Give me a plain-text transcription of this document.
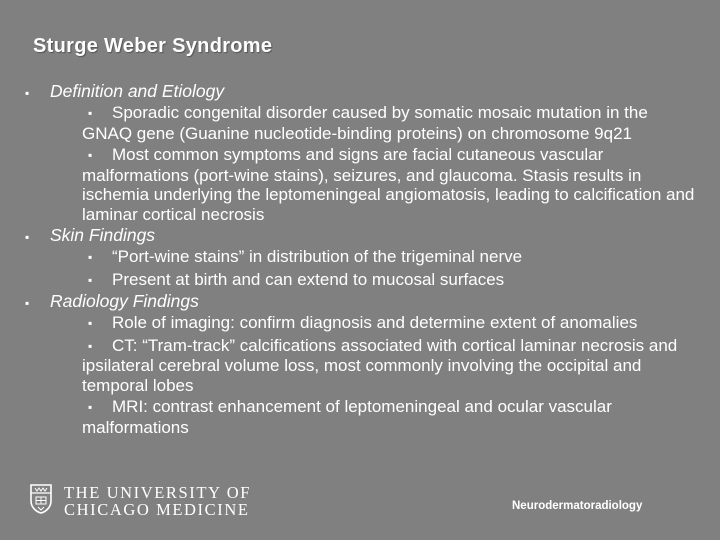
Sturge Weber Syndrome
▪ Definition and Etiology
▪ Sporadic congenital disorder caused by somatic mosaic mutation in the GNAQ gene (Guanine nucleotide-binding proteins) on chromosome 9q21
▪ Most common symptoms and signs are facial cutaneous vascular malformations (port-wine stains), seizures, and glaucoma. Stasis results in ischemia underlying the leptomeningeal angiomatosis, leading to calcification and laminar cortical necrosis
▪ Skin Findings
▪ “Port-wine stains” in distribution of the trigeminal nerve
▪ Present at birth and can extend to mucosal surfaces
▪ Radiology Findings
▪ Role of imaging: confirm diagnosis and determine extent of anomalies
▪ CT: “Tram-track” calcifications associated with cortical laminar necrosis and ipsilateral cerebral volume loss, most commonly involving the occipital and temporal lobes
▪ MRI: contrast enhancement of leptomeningeal and ocular vascular malformations
THE UNIVERSITY OF
CHICAGO MEDICINE	Neurodermatoradiology
